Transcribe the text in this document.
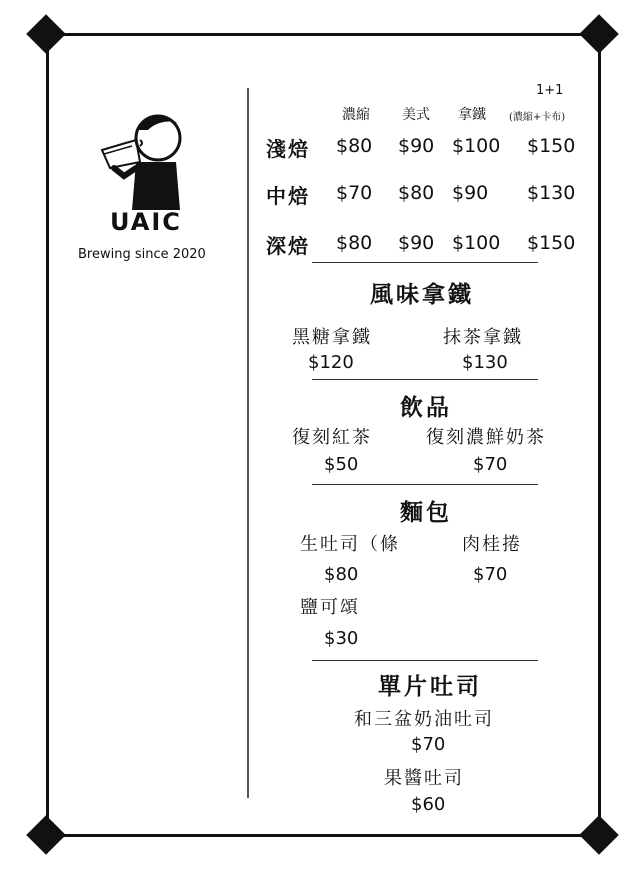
UAIC
Brewing since 2020
1+1
濃縮	美式	拿鐵	(濃縮+卡布)
淺焙 $80 $90 $100 $150
中焙 $70 $80 $90 $130
深焙 $80 $90 $100 $150
風味拿鐵
黑糖拿鐵	抹茶拿鐵
$120	$130
飲品
復刻紅茶	復刻濃鮮奶茶
$50	$70
麵包
生吐司（條	肉桂捲
$80	$70
鹽可頌
$30
單片吐司
和三盆奶油吐司
$70
果醬吐司
$60
